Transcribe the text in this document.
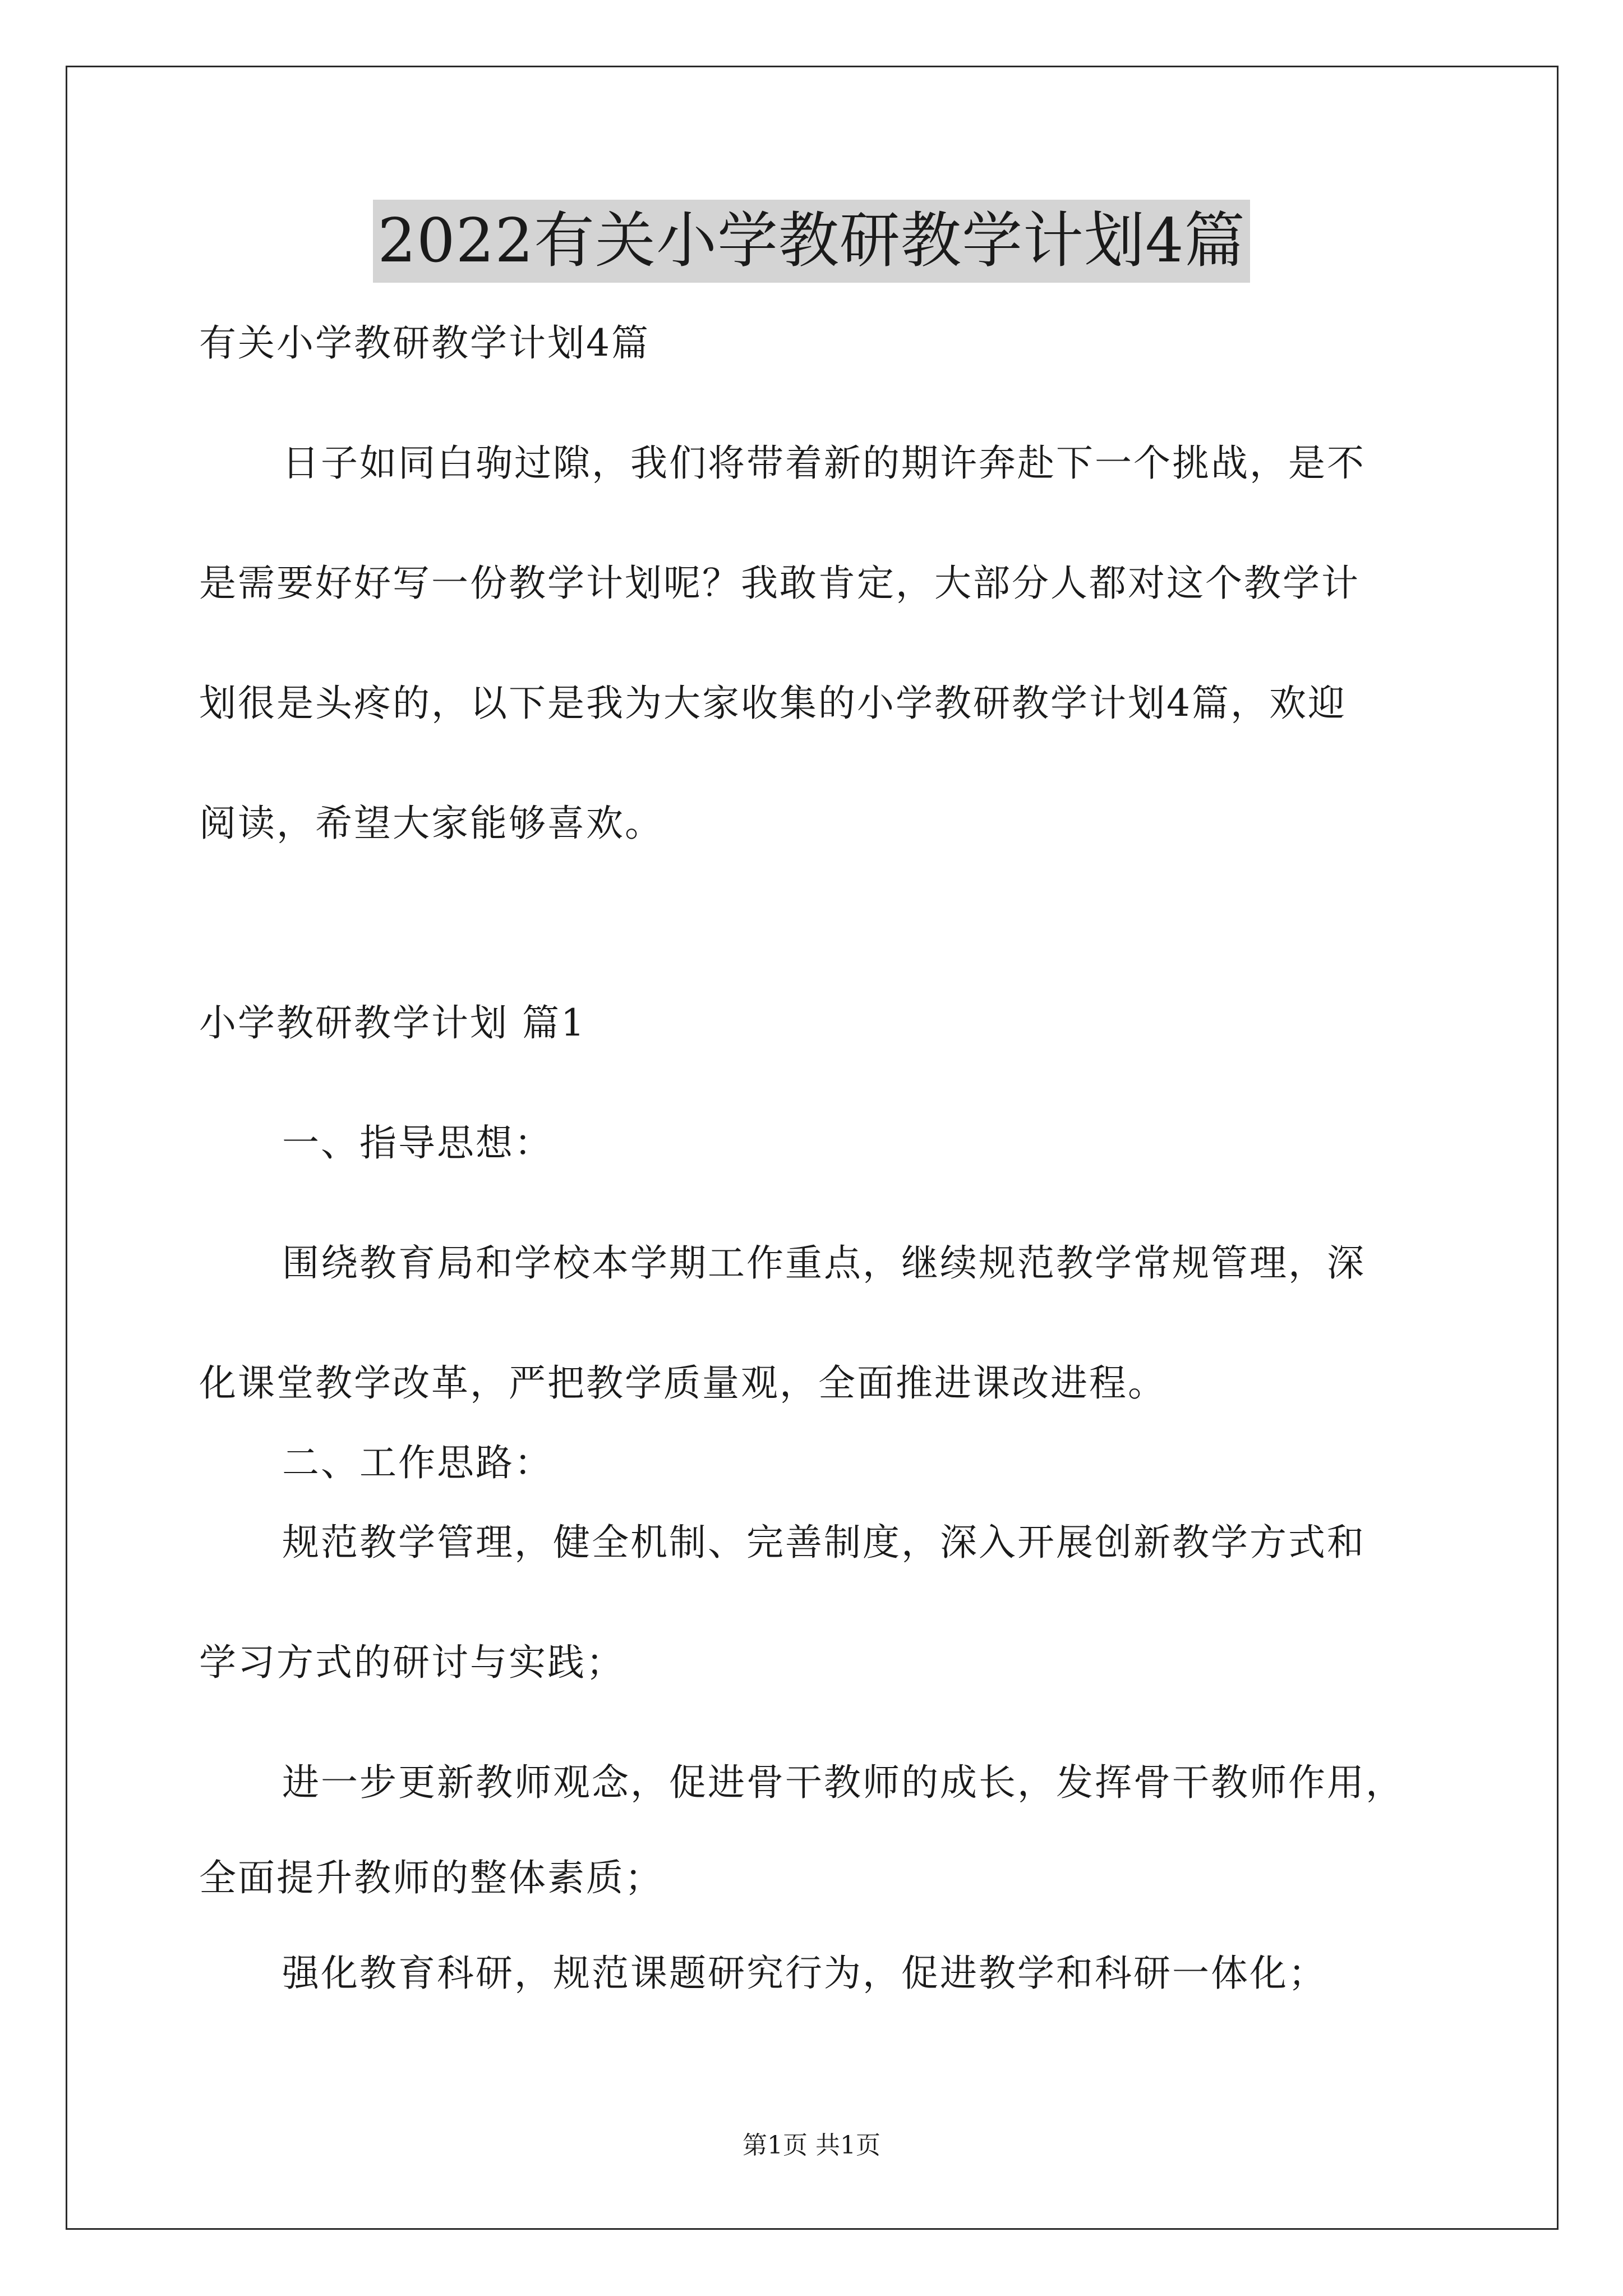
2022有关小学教研教学计划4篇
有关小学教研教学计划4篇
日子如同白驹过隙，我们将带着新的期许奔赴下一个挑战，是不
是需要好好写一份教学计划呢？我敢肯定，大部分人都对这个教学计
划很是头疼的，以下是我为大家收集的小学教研教学计划4篇，欢迎
阅读，希望大家能够喜欢。
小学教研教学计划 篇1
一、指导思想：
围绕教育局和学校本学期工作重点，继续规范教学常规管理，深
化课堂教学改革，严把教学质量观，全面推进课改进程。
二、工作思路：
规范教学管理，健全机制、完善制度，深入开展创新教学方式和
学习方式的研讨与实践；
进一步更新教师观念，促进骨干教师的成长，发挥骨干教师作用，
全面提升教师的整体素质；
强化教育科研，规范课题研究行为，促进教学和科研一体化；
第1页 共1页
